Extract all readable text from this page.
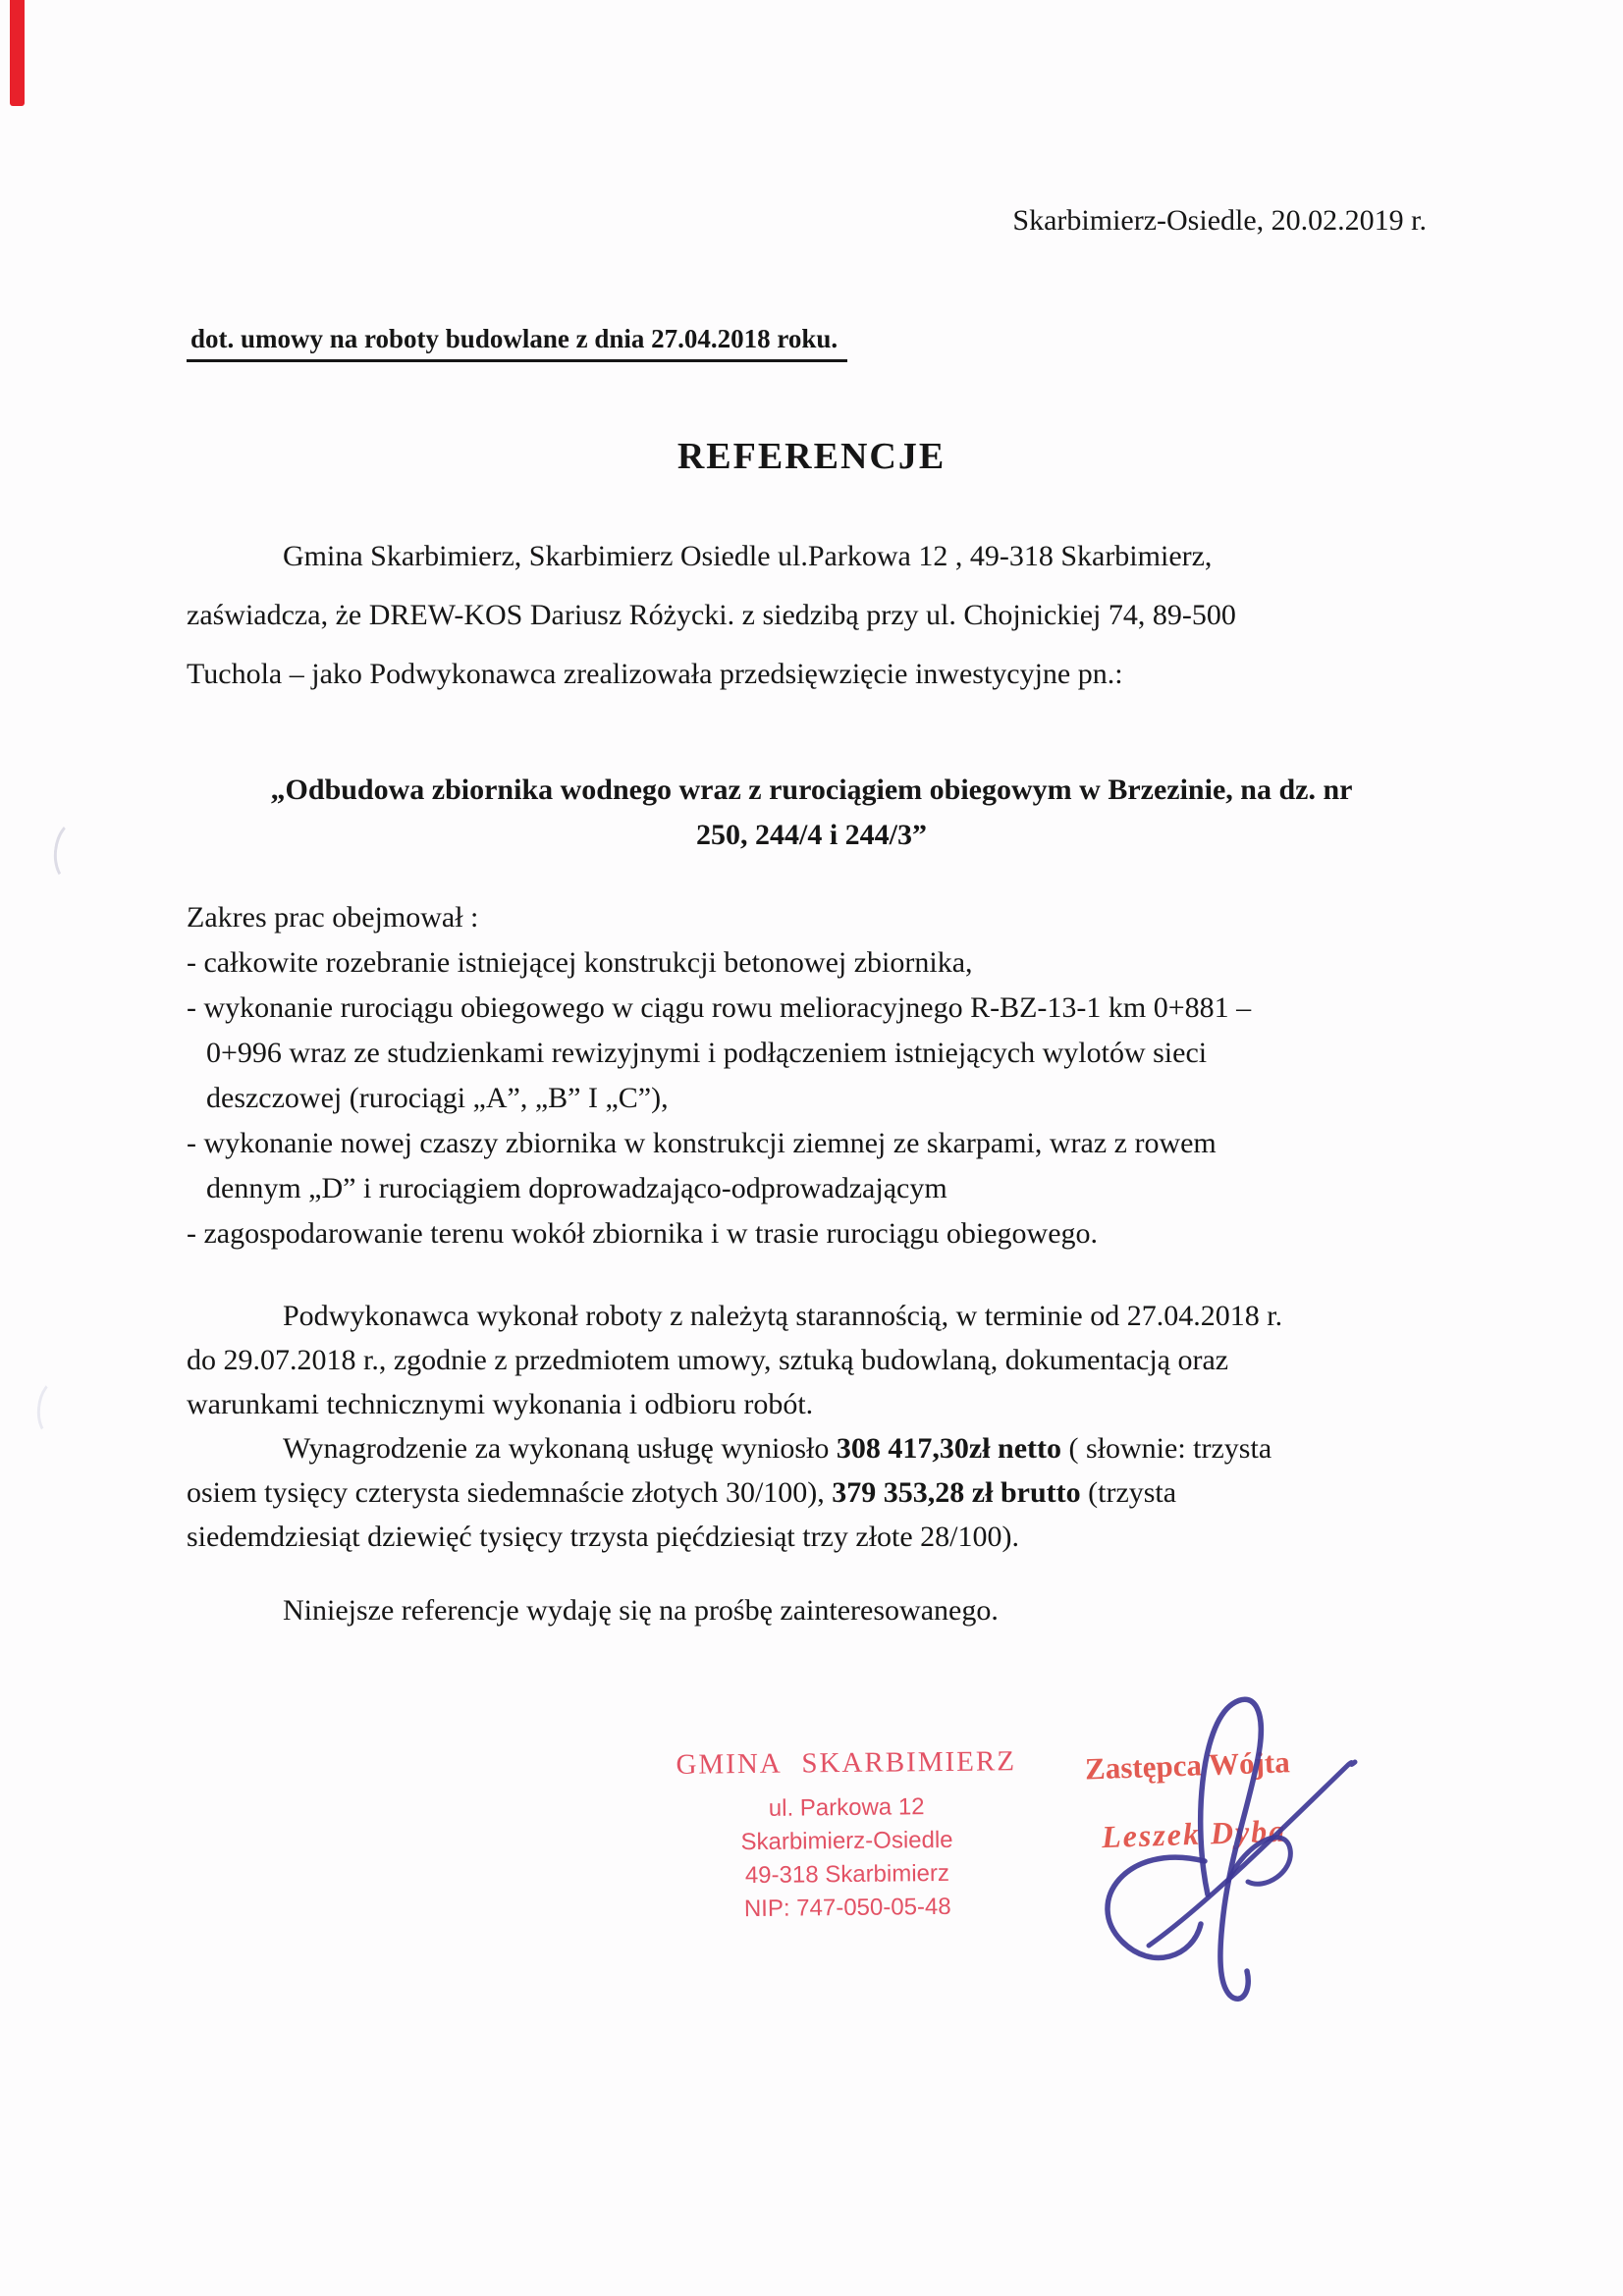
Skarbimierz-Osiedle, 20.02.2019 r.
dot. umowy na roboty budowlane z dnia 27.04.2018 roku.
REFERENCJE
Gmina Skarbimierz, Skarbimierz Osiedle ul.Parkowa 12 , 49-318 Skarbimierz,
zaświadcza, że DREW-KOS Dariusz Różycki. z siedzibą przy ul. Chojnickiej 74, 89-500
Tuchola – jako Podwykonawca zrealizowała przedsięwzięcie inwestycyjne pn.:
„Odbudowa zbiornika wodnego wraz z rurociągiem obiegowym w Brzezinie, na dz. nr
250, 244/4 i 244/3”
Zakres prac obejmował :
- całkowite rozebranie istniejącej konstrukcji betonowej zbiornika,
- wykonanie rurociągu obiegowego w ciągu rowu melioracyjnego R-BZ-13-1 km 0+881 –
0+996 wraz ze studzienkami rewizyjnymi i podłączeniem istniejących wylotów sieci
deszczowej (rurociągi „A”, „B” I „C”),
- wykonanie nowej czaszy zbiornika w konstrukcji ziemnej ze skarpami, wraz z rowem
dennym „D” i rurociągiem doprowadzająco-odprowadzającym
- zagospodarowanie terenu wokół zbiornika i w trasie rurociągu obiegowego.
Podwykonawca wykonał roboty z należytą starannością, w terminie od 27.04.2018 r.
do 29.07.2018 r., zgodnie z przedmiotem umowy, sztuką budowlaną, dokumentacją oraz
warunkami technicznymi wykonania i odbioru robót.
Wynagrodzenie za wykonaną usługę wyniosło 308 417,30zł netto ( słownie: trzysta
osiem tysięcy czterysta siedemnaście złotych 30/100), 379 353,28 zł brutto (trzysta
siedemdziesiąt dziewięć tysięcy trzysta pięćdziesiąt trzy złote 28/100).
Niniejsze referencje wydaję się na prośbę zainteresowanego.
GMINA SKARBIMIERZ
ul. Parkowa 12
Skarbimierz-Osiedle
49-318 Skarbimierz
NIP: 747-050-05-48
Zastępca Wójta
Leszek Dyba
